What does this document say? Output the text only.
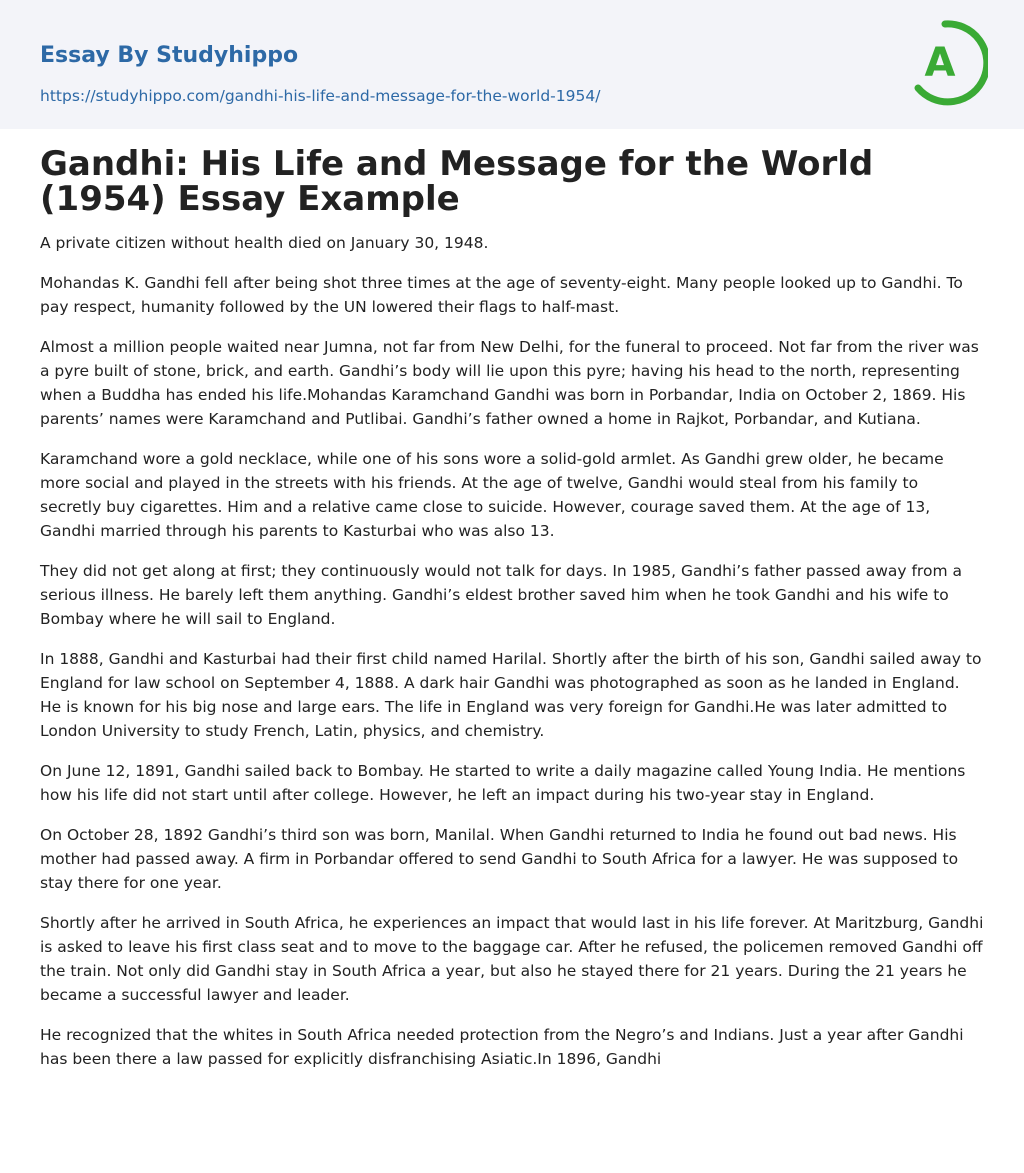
Essay By Studyhippo
https://studyhippo.com/gandhi-his-life-and-message-for-the-world-1954/
A
Gandhi: His Life and Message for the World (1954) Essay Example

A private citizen without health died on January 30, 1948.

Mohandas K. Gandhi fell after being shot three times at the age of seventy-eight. Many people looked up to Gandhi. To pay respect, humanity followed by the UN lowered their flags to half-mast.

Almost a million people waited near Jumna, not far from New Delhi, for the funeral to proceed. Not far from the river was a pyre built of stone, brick, and earth. Gandhi’s body will lie upon this pyre; having his head to the north, representing when a Buddha has ended his life.Mohandas Karamchand Gandhi was born in Porbandar, India on October 2, 1869. His parents’ names were Karamchand and Putlibai. Gandhi’s father owned a home in Rajkot, Porbandar, and Kutiana.

Karamchand wore a gold necklace, while one of his sons wore a solid-gold armlet. As Gandhi grew older, he became more social and played in the streets with his friends. At the age of twelve, Gandhi would steal from his family to secretly buy cigarettes. Him and a relative came close to suicide. However, courage saved them. At the age of 13, Gandhi married through his parents to Kasturbai who was also 13.

They did not get along at first; they continuously would not talk for days. In 1985, Gandhi’s father passed away from a serious illness. He barely left them anything. Gandhi’s eldest brother saved him when he took Gandhi and his wife to Bombay where he will sail to England.

In 1888, Gandhi and Kasturbai had their first child named Harilal. Shortly after the birth of his son, Gandhi sailed away to England for law school on September 4, 1888. A dark hair Gandhi was photographed as soon as he landed in England. He is known for his big nose and large ears. The life in England was very foreign for Gandhi.He was later admitted to London University to study French, Latin, physics, and chemistry.

On June 12, 1891, Gandhi sailed back to Bombay. He started to write a daily magazine called Young India. He mentions how his life did not start until after college. However, he left an impact during his two-year stay in England.

On October 28, 1892 Gandhi’s third son was born, Manilal. When Gandhi returned to India he found out bad news. His mother had passed away. A firm in Porbandar offered to send Gandhi to South Africa for a lawyer. He was supposed to stay there for one year.

Shortly after he arrived in South Africa, he experiences an impact that would last in his life forever. At Maritzburg, Gandhi is asked to leave his first class seat and to move to the baggage car. After he refused, the policemen removed Gandhi off the train. Not only did Gandhi stay in South Africa a year, but also he stayed there for 21 years. During the 21 years he became a successful lawyer and leader.

He recognized that the whites in South Africa needed protection from the Negro’s and Indians. Just a year after Gandhi has been there a law passed for explicitly disfranchising Asiatic.In 1896, Gandhi
